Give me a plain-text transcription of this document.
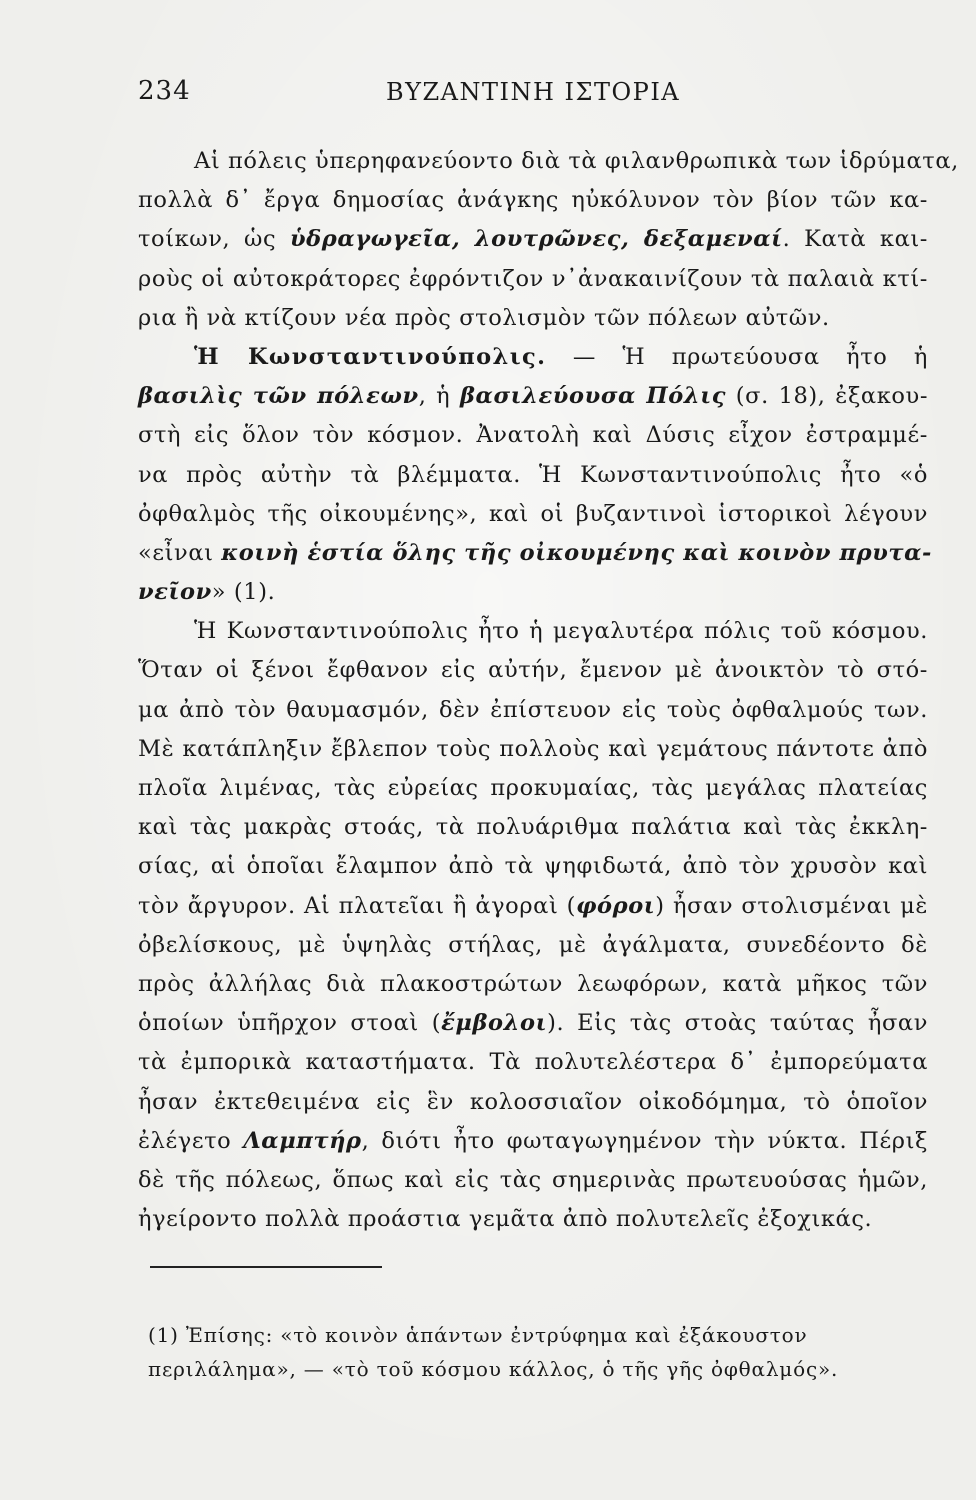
234	ΒΥΖΑΝΤΙΝΗ ΙΣΤΟΡΙΑ
Αἱ πόλεις ὑπερηφανεύοντο διὰ τὰ φιλανθρωπικὰ των ἱδρύματα,
πολλὰ δ᾽ ἔργα δημοσίας ἀνάγκης ηὐκόλυνον τὸν βίον τῶν κα-
τοίκων, ὡς ὑδραγωγεῖα, λουτρῶνες, δεξαμεναί. Κατὰ και-
ροὺς οἱ αὐτοκράτορες ἐφρόντιζον ν᾽ἀνακαινίζουν τὰ παλαιὰ κτί-
ρια ἢ νὰ κτίζουν νέα πρὸς στολισμὸν τῶν πόλεων αὐτῶν.
Ἡ Κωνσταντινούπολις. — Ἡ πρωτεύουσα ἦτο ἡ
βασιλὶς τῶν πόλεων, ἡ βασιλεύουσα Πόλις (σ. 18), ἐξακου-
στὴ εἰς ὅλον τὸν κόσμον. Ἀνατολὴ καὶ Δύσις εἶχον ἐστραμμέ-
να πρὸς αὐτὴν τὰ βλέμματα. Ἡ Κωνσταντινούπολις ἦτο «ὁ
ὀφθαλμὸς τῆς οἰκουμένης», καὶ οἱ βυζαντινοὶ ἱστορικοὶ λέγουν
«εἶναι κοινὴ ἑστία ὅλης τῆς οἰκουμένης καὶ κοινὸν πρυτα-
νεῖον» (1).
Ἡ Κωνσταντινούπολις ἦτο ἡ μεγαλυτέρα πόλις τοῦ κόσμου.
Ὅταν οἱ ξένοι ἔφθανον εἰς αὐτήν, ἔμενον μὲ ἀνοικτὸν τὸ στό-
μα ἀπὸ τὸν θαυμασμόν, δὲν ἐπίστευον εἰς τοὺς ὀφθαλμούς των.
Μὲ κατάπληξιν ἔβλεπον τοὺς πολλοὺς καὶ γεμάτους πάντοτε ἀπὸ
πλοῖα λιμένας, τὰς εὐρείας προκυμαίας, τὰς μεγάλας πλατείας
καὶ τὰς μακρὰς στοάς, τὰ πολυάριθμα παλάτια καὶ τὰς ἐκκλη-
σίας, αἱ ὁποῖαι ἔλαμπον ἀπὸ τὰ ψηφιδωτά, ἀπὸ τὸν χρυσὸν καὶ
τὸν ἄργυρον. Αἱ πλατεῖαι ἢ ἀγοραὶ (φόροι) ἦσαν στολισμέναι μὲ
ὀβελίσκους, μὲ ὑψηλὰς στήλας, μὲ ἀγάλματα, συνεδέοντο δὲ
πρὸς ἀλλήλας διὰ πλακοστρώτων λεωφόρων, κατὰ μῆκος τῶν
ὁποίων ὑπῆρχον στοαὶ (ἔμβολοι). Εἰς τὰς στοὰς ταύτας ἦσαν
τὰ ἐμπορικὰ καταστήματα. Τὰ πολυτελέστερα δ᾽ ἐμπορεύματα
ἦσαν ἐκτεθειμένα εἰς ἓν κολοσσιαῖον οἰκοδόμημα, τὸ ὁποῖον
ἐλέγετο Λαμπτήρ, διότι ἦτο φωταγωγημένον τὴν νύκτα. Πέριξ
δὲ τῆς πόλεως, ὅπως καὶ εἰς τὰς σημερινὰς πρωτευούσας ἡμῶν,
ἠγείροντο πολλὰ προάστια γεμᾶτα ἀπὸ πολυτελεῖς ἐξοχικάς.
(1) Ἐπίσης: «τὸ κοινὸν ἁπάντων ἐντρύφημα καὶ ἐξάκουστον
περιλάλημα», — «τὸ τοῦ κόσμου κάλλος, ὁ τῆς γῆς ὀφθαλμός».
